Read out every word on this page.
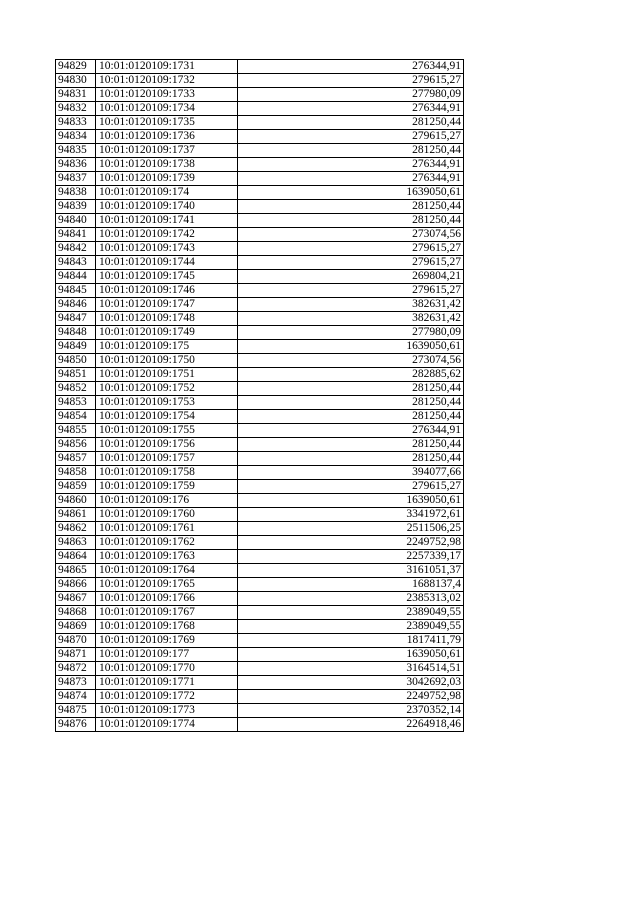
94829	10:01:0120109:1731	276344,91
94830	10:01:0120109:1732	279615,27
94831	10:01:0120109:1733	277980,09
94832	10:01:0120109:1734	276344,91
94833	10:01:0120109:1735	281250,44
94834	10:01:0120109:1736	279615,27
94835	10:01:0120109:1737	281250,44
94836	10:01:0120109:1738	276344,91
94837	10:01:0120109:1739	276344,91
94838	10:01:0120109:174	1639050,61
94839	10:01:0120109:1740	281250,44
94840	10:01:0120109:1741	281250,44
94841	10:01:0120109:1742	273074,56
94842	10:01:0120109:1743	279615,27
94843	10:01:0120109:1744	279615,27
94844	10:01:0120109:1745	269804,21
94845	10:01:0120109:1746	279615,27
94846	10:01:0120109:1747	382631,42
94847	10:01:0120109:1748	382631,42
94848	10:01:0120109:1749	277980,09
94849	10:01:0120109:175	1639050,61
94850	10:01:0120109:1750	273074,56
94851	10:01:0120109:1751	282885,62
94852	10:01:0120109:1752	281250,44
94853	10:01:0120109:1753	281250,44
94854	10:01:0120109:1754	281250,44
94855	10:01:0120109:1755	276344,91
94856	10:01:0120109:1756	281250,44
94857	10:01:0120109:1757	281250,44
94858	10:01:0120109:1758	394077,66
94859	10:01:0120109:1759	279615,27
94860	10:01:0120109:176	1639050,61
94861	10:01:0120109:1760	3341972,61
94862	10:01:0120109:1761	2511506,25
94863	10:01:0120109:1762	2249752,98
94864	10:01:0120109:1763	2257339,17
94865	10:01:0120109:1764	3161051,37
94866	10:01:0120109:1765	1688137,4
94867	10:01:0120109:1766	2385313,02
94868	10:01:0120109:1767	2389049,55
94869	10:01:0120109:1768	2389049,55
94870	10:01:0120109:1769	1817411,79
94871	10:01:0120109:177	1639050,61
94872	10:01:0120109:1770	3164514,51
94873	10:01:0120109:1771	3042692,03
94874	10:01:0120109:1772	2249752,98
94875	10:01:0120109:1773	2370352,14
94876	10:01:0120109:1774	2264918,46
